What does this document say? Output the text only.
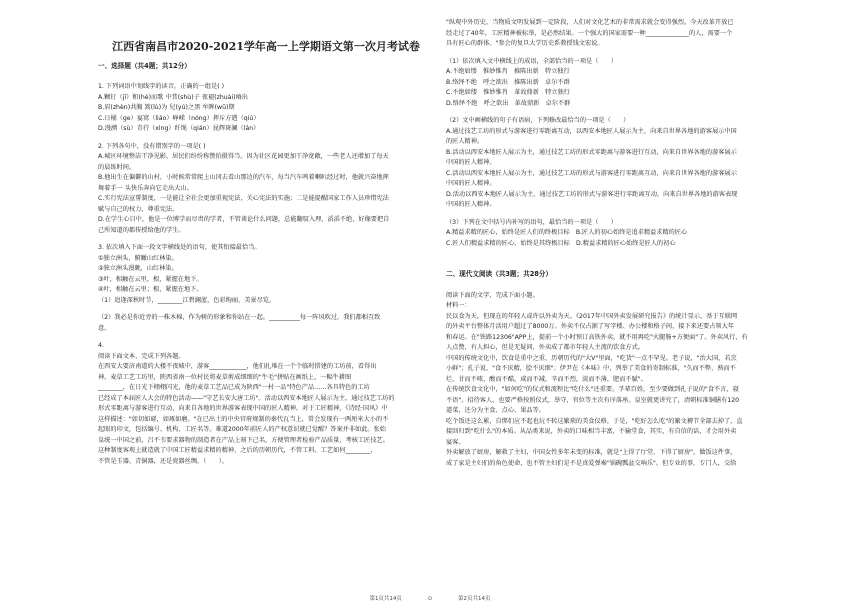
江西省南昌市2020-2021学年高一上学期语文第一次月考试卷
一、选择题（共4题；共12分）

1. 下列词语中划线字的读音，正确的一组是( )

A.颗钉（jī）和(hè)而歌 中昔(shù)子 夜褪(zhuài)瘠出

B.眉(zhèn)共胸 篙(lù)为 兒(yú)之黑 牟眸(wū)期

C.日桶（ge）宴窝（liáo）峥嵘（nóng）挥斥方遒（qiú）

D.漫溯（sù）青荇（xìng）纤绳（qián）昆辉斑澜（lán）

2. 下列各句中，没有错别字的一项是( )

A.城区环境整洁干净见影，居民们纷纷称赞拍摄得当。因为社区花园更加干净宽敞，一些老人还增加了每天

的晨练时间。

B.他出生在偏僻的山村，小时候常常爬上山冈去看山那边的汽车，每当汽车鸣着喇叭经过时，他就兴奋地挥

舞着手一 头快乐奔向它走出大山。

C.实行宪法宣誓制度，一是能让全社会更加重视宪法，关心宪法的实施；二是能提醒国家工作人员珍惜宪法

赋与自己的权力，尊重宪法。

D.在学生心目中，他是一位博学而尽责的学者，不管谈论什么问题，总能翻驭入理、滔滔不绝，好像要把自

己所知道的都传授给他的学生。

3. 依次填入下面一段文字横线处的语句，使其衔接最恰当。

①独立洲头，俯瞰山红林染。

②独立洲头漫眺，山红林染。

③叶，相触在云里，根，紧握在地下。

④叶，相触在云里；根，紧握在地下。

（1）追逢深秋时节，________江碧澜蓝，色彩绚丽，美景尽览。

（2）我必是你近旁的一株木棉，作为树的形象和你站在一起。__________每一阵风吹过，我们都相互致

意。

4.

阅读下面文本，完成下列各题。

在西安大要济南道的大楼不夜城中，游客____________，他们扎堆在一个个临时搭建的工坊前，看得出

神。麦草工艺工坊里，陕西省南一位村民将麦草剪成细细的"牛毛"拼贴在画纸上，一幅牛耕图

________，在日光下栩栩闪光，他的麦草工艺品已成为陕西"一村一品"特色产品……各具特色的工坊

已经成了本届匠人大会的特色活动——"守艺长安大唐工坊"。活动以西安本地匠人展示为主，通过技艺工坊的

形式零距离与游客进行互动，向来自各地的世界游客表现中国的匠人精神。对于工匠精神，《诗经·国风》中

这样描述："如切如磋，如琢如磨。"在已出土的中央官府规制的秦代瓦当上，常会发现有一两厘米大小的不

起眼的印文，包括编号、机构、工匠名等。难道2000年前匠人的产权意识就已觉醒？答案并非如此。张始

皇统一中国之前，吕不韦要求器物的制造者在产品上刻下己名，方便管理者检验产品质量，考核工匠技艺。

这种制度客观上就造就了中国工匠精益求精的精神，之后的历朝历代，不管工料、工艺如何________，

不管是玉器、青铜器，还是瓷器丝绸，（　　）。

"纵观中外历史，当物质文明发展到一定阶段，人们对文化艺术的非常需求就会变得强烈。今天改革开放已

经走过了40年，工匠精神被标举，是必然结果。一个强大的国家需要一种______________的人，需要一个

具有匠心的群体。"参会的复旦大学历史系教授钱文宏说。

（1）依次填入文中横线上的成语，全部恰当的一项是（　　）

A.不绝如缕　惟妙惟肖　推陈出新　特立独行

B.络绎不绝　呼之欲出　推陈出新　卓尔不群

C.不绝如缕　惟妙惟肖　革故鼎新　特立独行

D.络绎不绝　呼之欲出　革故鼎新　卓尔不群

（2）文中画横线的句子有语病，下列修改最恰当的一项是（　　）

A.通过技艺工坊的形式与游客进行零距离互动，以西安本地匠人展示为主，向来自世界各地的游客展示中国

的匠人精神。

B.活动以西安本地匠人展示为主，通过技艺工坊的形式零距离与游客进行互动，向来自世界各地的游客展示

中国的匠人精神。

C.活动以西安本地匠人展示为主，通过技艺工坊的形式与游客进行零距离互动，向来自世界各地的游客展示

中国的匠人精神。

D.活动以西安本地匠人展示为主，通过技艺工坊的形式与游客进行零距离互动，向来自世界各地的游客表现

中国的匠人精神。

（3）下列在文中括号内补写的语句，最恰当的一项是（　　）

A.精益求精的匠心，始终是匠人们的终极目标　B.匠人的初心始终是追求精益求精的匠心

C.匠人们精益求精的匠心，始终是其终极目标　D.精益求精的匠心始终是匠人的初心

二、现代文阅读（共3题；共28分）

阅读下面的文字，完成下面小题。

材料一：

民以食为天，但现在的年轻人或许以外卖为天。《2017年中国外卖发展研究报告》的统计显示，基于互联网

的外卖平台整体月活用户超过了8000万。外卖不仅占据了写字楼、办公楼和格子间，接下来还要占领大年

和春运。在"铁路12306"APP上，提前一个小时预订高铁外卖，就不用再吃"火腿肠+方便面"了。外卖风行，有

人点赞，有人担心，但是无疑问，外卖成了都市年轻人主流的饮食方式。

中国的传统文化中，饮食是重中之重，历朝历代的"大V"里面，"吃货"一点不罕见。老子说，"治大国，若烹

小鲜"；孔子说，"食不厌精，脍不厌细"；伊尹在《本味》中，列举了美食的寄制标准，"久而不弊，熟而不

烂，甘而不哝，酸而不酷，咸而不减，辛而不烈，淡而不薄，肥而不腻"。

在传统饮食文化中，"如何吃"的仪式和流程比"吃什么"还重要。孚辈百姓，至少要做到孔子说的"食不言，寝

不语"。招待客人，也要严格按照仪式，举守，官位等主次有序落座。皇室就更讲究了，清朝标准铜膳有120

道菜，还分为主食、点心、果品等。

吃个饭还这么累，自绑们应不起也玩不转这繁琐的美食仪格，于是，"吃好怎么吃"的繁文褥节全部去掉了，直

接回归到"吃什么"的本质。从品类来说，外卖的口味相当丰富，不输堂食，其实，有自信的话，才会用外卖

宴客。

外卖解放了厨房，解救了主妇，中国女性多年未变的标准，就是"上得了厅堂，下得了厨房"，做饭这件事，

成了家是主妇们的角色使命，也不管主妇们是不是真爱弹奏"锅碗瓢盆交响乐"。但专业的事，专门人，交给

第1页共14页	⊙	第2页共14页
